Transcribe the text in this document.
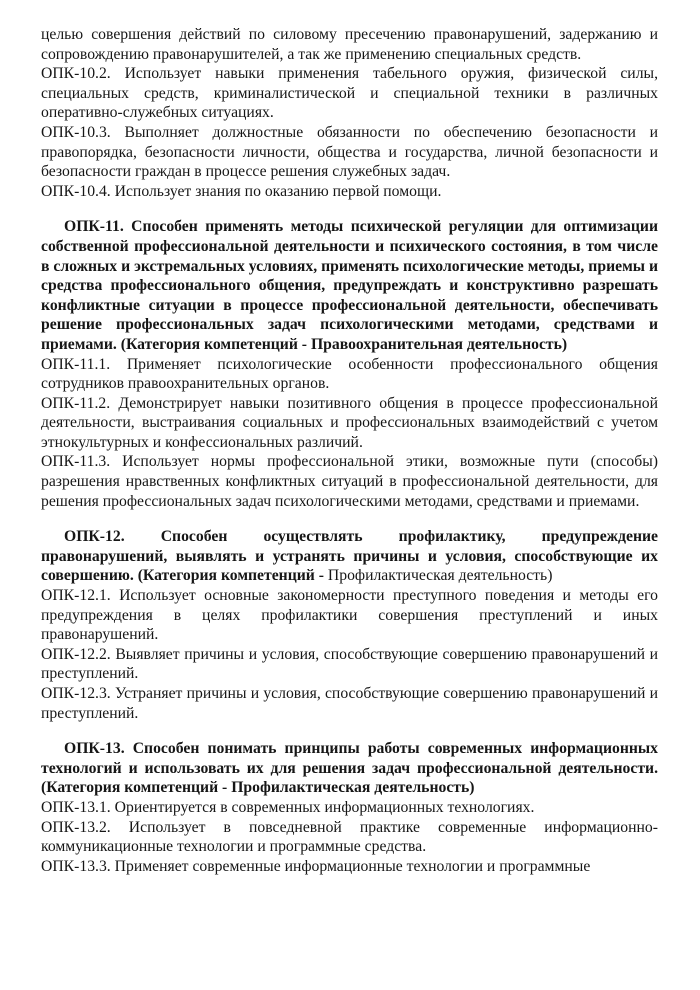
целью совершения действий по силовому пресечению правонарушений, задержанию и сопровождению правонарушителей, а так же применению специальных средств.

ОПК-10.2. Использует навыки применения табельного оружия, физической силы, специальных средств, криминалистической и специальной техники в различных оперативно-служебных ситуациях.

ОПК-10.3. Выполняет должностные обязанности по обеспечению безопасности и правопорядка, безопасности личности, общества и государства, личной безопасности и безопасности граждан в процессе решения служебных задач.

ОПК-10.4. Использует знания по оказанию первой помощи.

ОПК-11. Способен применять методы психической регуляции для оптимизации собственной профессиональной деятельности и психического состояния, в том числе в сложных и экстремальных условиях, применять психологические методы, приемы и средства профессионального общения, предупреждать и конструктивно разрешать конфликтные ситуации в процессе профессиональной деятельности, обеспечивать решение профессиональных задач психологическими методами, средствами и приемами. (Категория компетенций - Правоохранительная деятельность)

ОПК-11.1. Применяет психологические особенности профессионального общения сотрудников правоохранительных органов.

ОПК-11.2. Демонстрирует навыки позитивного общения в процессе профессиональной деятельности, выстраивания социальных и профессиональных взаимодействий с учетом этнокультурных и конфессиональных различий.

ОПК-11.3. Использует нормы профессиональной этики, возможные пути (способы) разрешения нравственных конфликтных ситуаций в профессиональной деятельности, для решения профессиональных задач психологическими методами, средствами и приемами.

ОПК-12. Способен осуществлять профилактику, предупреждение правонарушений, выявлять и устранять причины и условия, способствующие их совершению. (Категория компетенций - Профилактическая деятельность)

ОПК-12.1. Использует основные закономерности преступного поведения и методы его предупреждения в целях профилактики совершения преступлений и иных правонарушений.

ОПК-12.2. Выявляет причины и условия, способствующие совершению правонарушений и преступлений.

ОПК-12.3. Устраняет причины и условия, способствующие совершению правонарушений и преступлений.

ОПК-13. Способен понимать принципы работы современных информационных технологий и использовать их для решения задач профессиональной деятельности. (Категория компетенций - Профилактическая деятельность)

ОПК-13.1. Ориентируется в современных информационных технологиях.

ОПК-13.2. Использует в повседневной практике современные информационно-коммуникационные технологии и программные средства.

ОПК-13.3. Применяет современные информационные технологии и программные
